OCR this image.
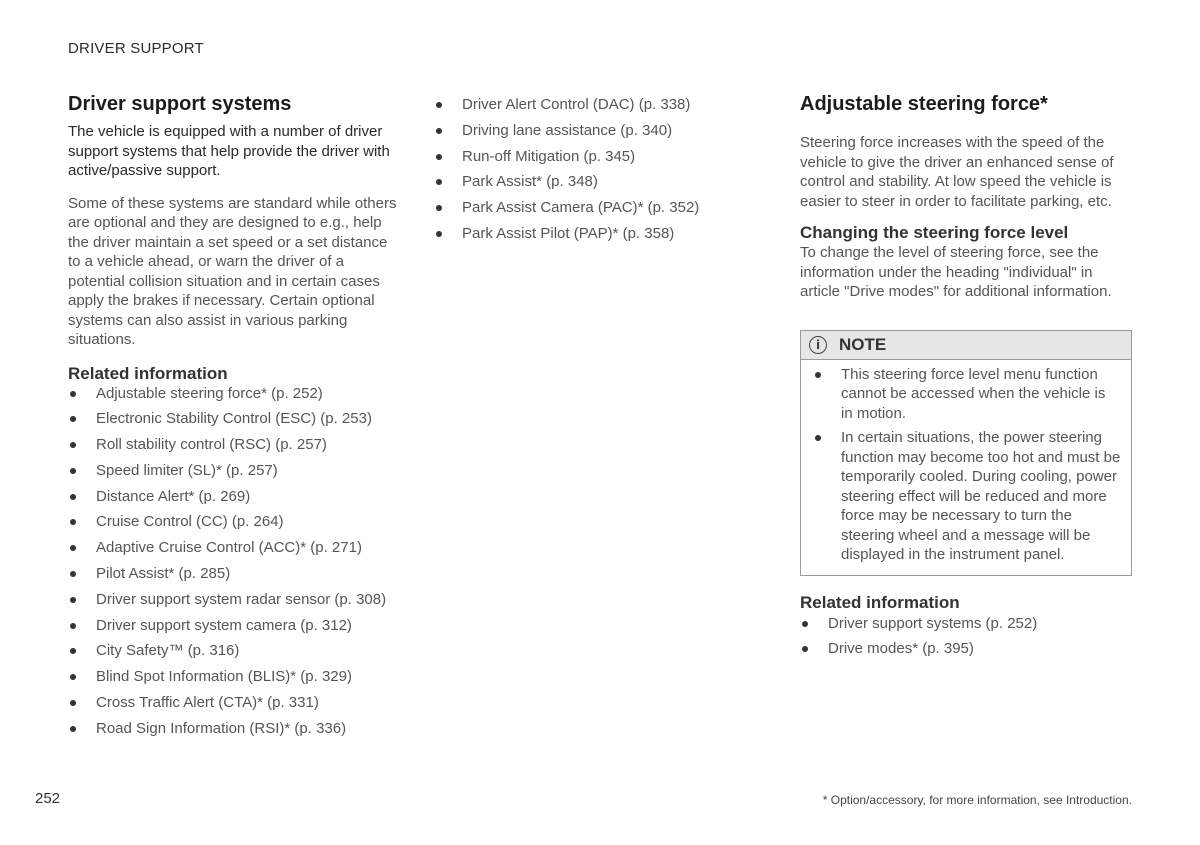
DRIVER SUPPORT
Driver support systems

The vehicle is equipped with a number of driver support systems that help provide the driver with active/passive support.

Some of these systems are standard while others are optional and they are designed to e.g., help the driver maintain a set speed or a set distance to a vehicle ahead, or warn the driver of a potential collision situation and in certain cases apply the brakes if necessary. Certain optional systems can also assist in various parking situations.

Related information
Adjustable steering force* (p. 252)
Electronic Stability Control (ESC) (p. 253)
Roll stability control (RSC) (p. 257)
Speed limiter (SL)* (p. 257)
Distance Alert* (p. 269)
Cruise Control (CC) (p. 264)
Adaptive Cruise Control (ACC)* (p. 271)
Pilot Assist* (p. 285)
Driver support system radar sensor (p. 308)
Driver support system camera (p. 312)
City Safety™ (p. 316)
Blind Spot Information (BLIS)* (p. 329)
Cross Traffic Alert (CTA)* (p. 331)
Road Sign Information (RSI)* (p. 336)
Driver Alert Control (DAC) (p. 338)
Driving lane assistance (p. 340)
Run-off Mitigation (p. 345)
Park Assist* (p. 348)
Park Assist Camera (PAC)* (p. 352)
Park Assist Pilot (PAP)* (p. 358)
Adjustable steering force*

Steering force increases with the speed of the vehicle to give the driver an enhanced sense of control and stability. At low speed the vehicle is easier to steer in order to facilitate parking, etc.

Changing the steering force level

To change the level of steering force, see the information under the heading "individual" in article "Drive modes" for additional information.

i	NOTE
This steering force level menu function cannot be accessed when the vehicle is in motion.
In certain situations, the power steering function may become too hot and must be temporarily cooled. During cooling, power steering effect will be reduced and more force may be necessary to turn the steering wheel and a message will be displayed in the instrument panel.
Related information
Driver support systems (p. 252)
Drive modes* (p. 395)
252	* Option/accessory, for more information, see Introduction.
